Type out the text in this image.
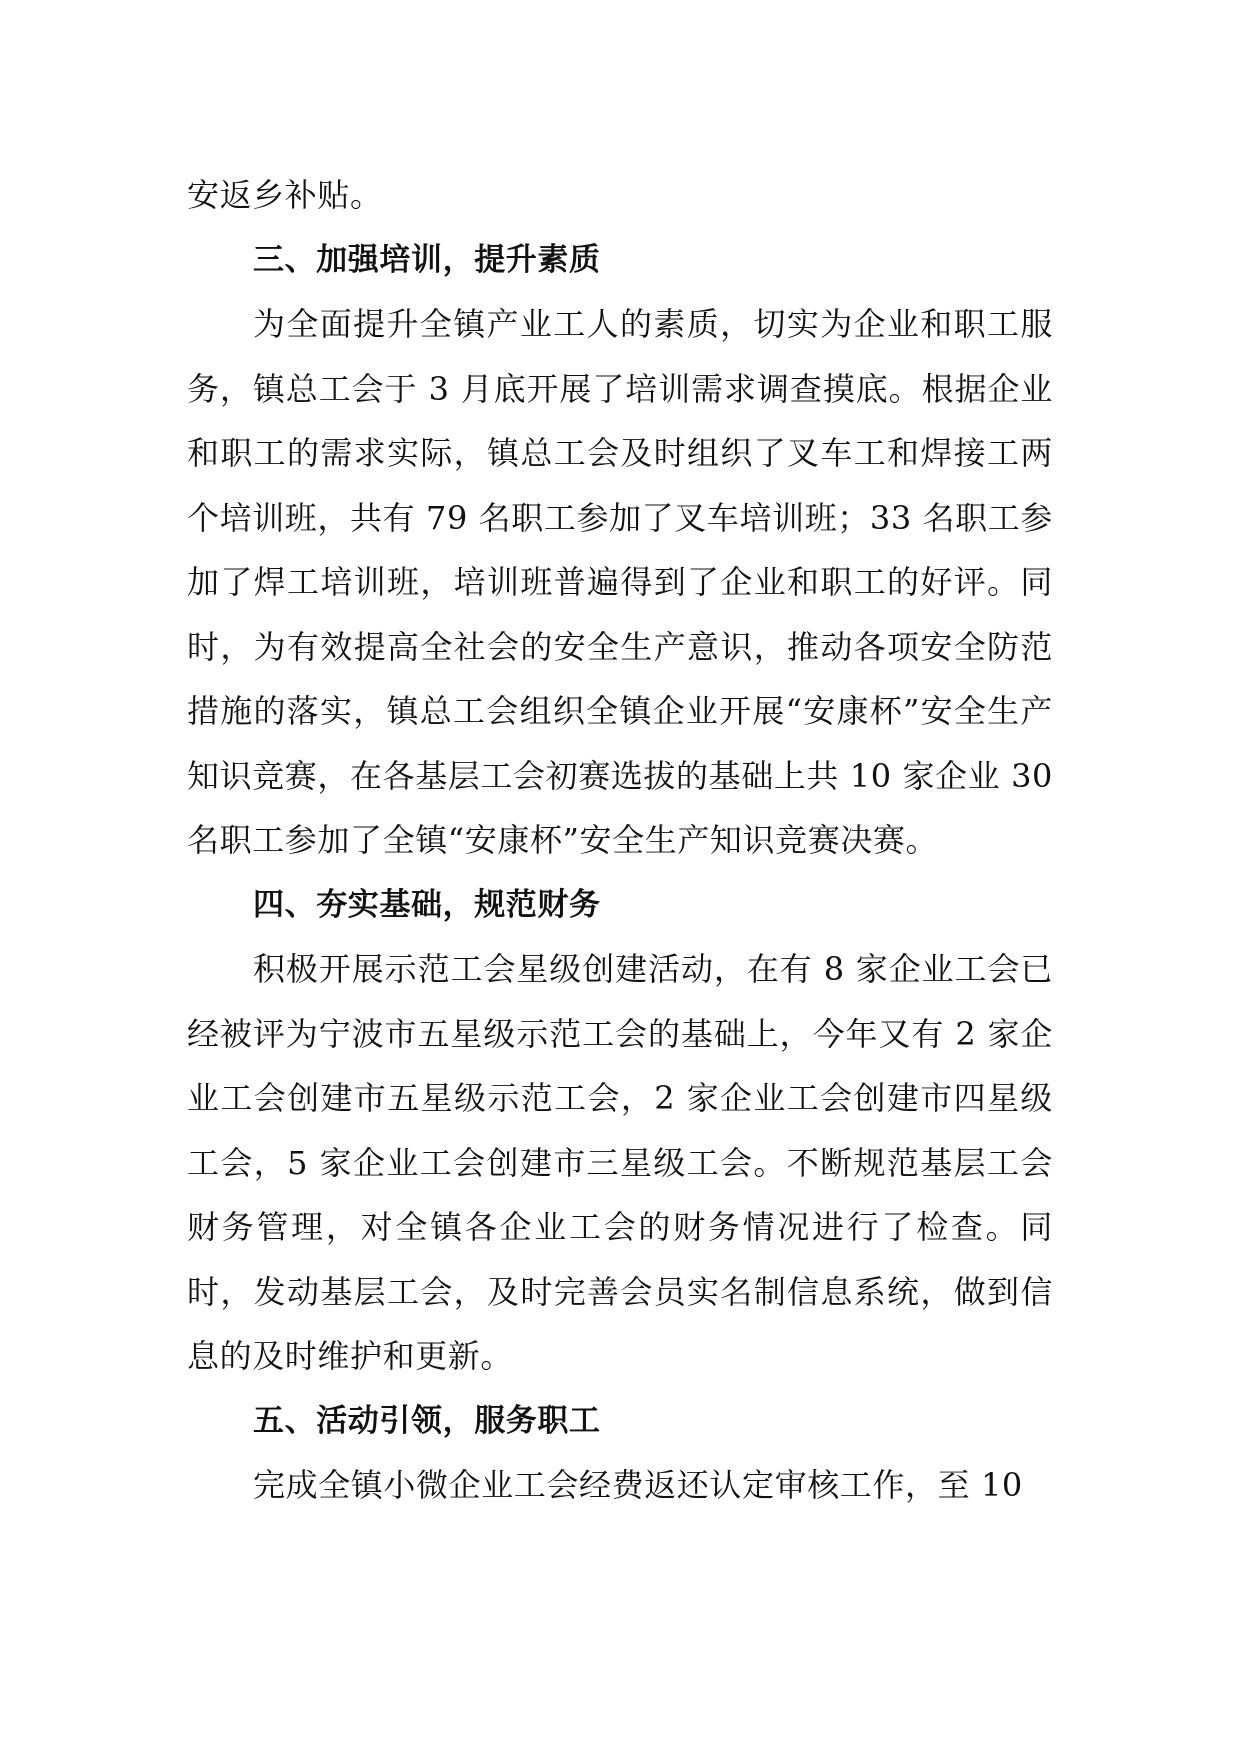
安返乡补贴。

三、加强培训，提升素质

为全面提升全镇产业工人的素质，切实为企业和职工服务，镇总工会于 3 月底开展了培训需求调查摸底。根据企业和职工的需求实际，镇总工会及时组织了叉车工和焊接工两个培训班，共有 79 名职工参加了叉车培训班；33 名职工参加了焊工培训班，培训班普遍得到了企业和职工的好评。同时，为有效提高全社会的安全生产意识，推动各项安全防范措施的落实，镇总工会组织全镇企业开展“安康杯”安全生产知识竞赛，在各基层工会初赛选拔的基础上共 10 家企业 30 名职工参加了全镇“安康杯”安全生产知识竞赛决赛。

四、夯实基础，规范财务

积极开展示范工会星级创建活动，在有 8 家企业工会已经被评为宁波市五星级示范工会的基础上，今年又有 2 家企业工会创建市五星级示范工会，2 家企业工会创建市四星级工会，5 家企业工会创建市三星级工会。不断规范基层工会财务管理，对全镇各企业工会的财务情况进行了检查。同时，发动基层工会，及时完善会员实名制信息系统，做到信息的及时维护和更新。

五、活动引领，服务职工

完成全镇小微企业工会经费返还认定审核工作，至 10
